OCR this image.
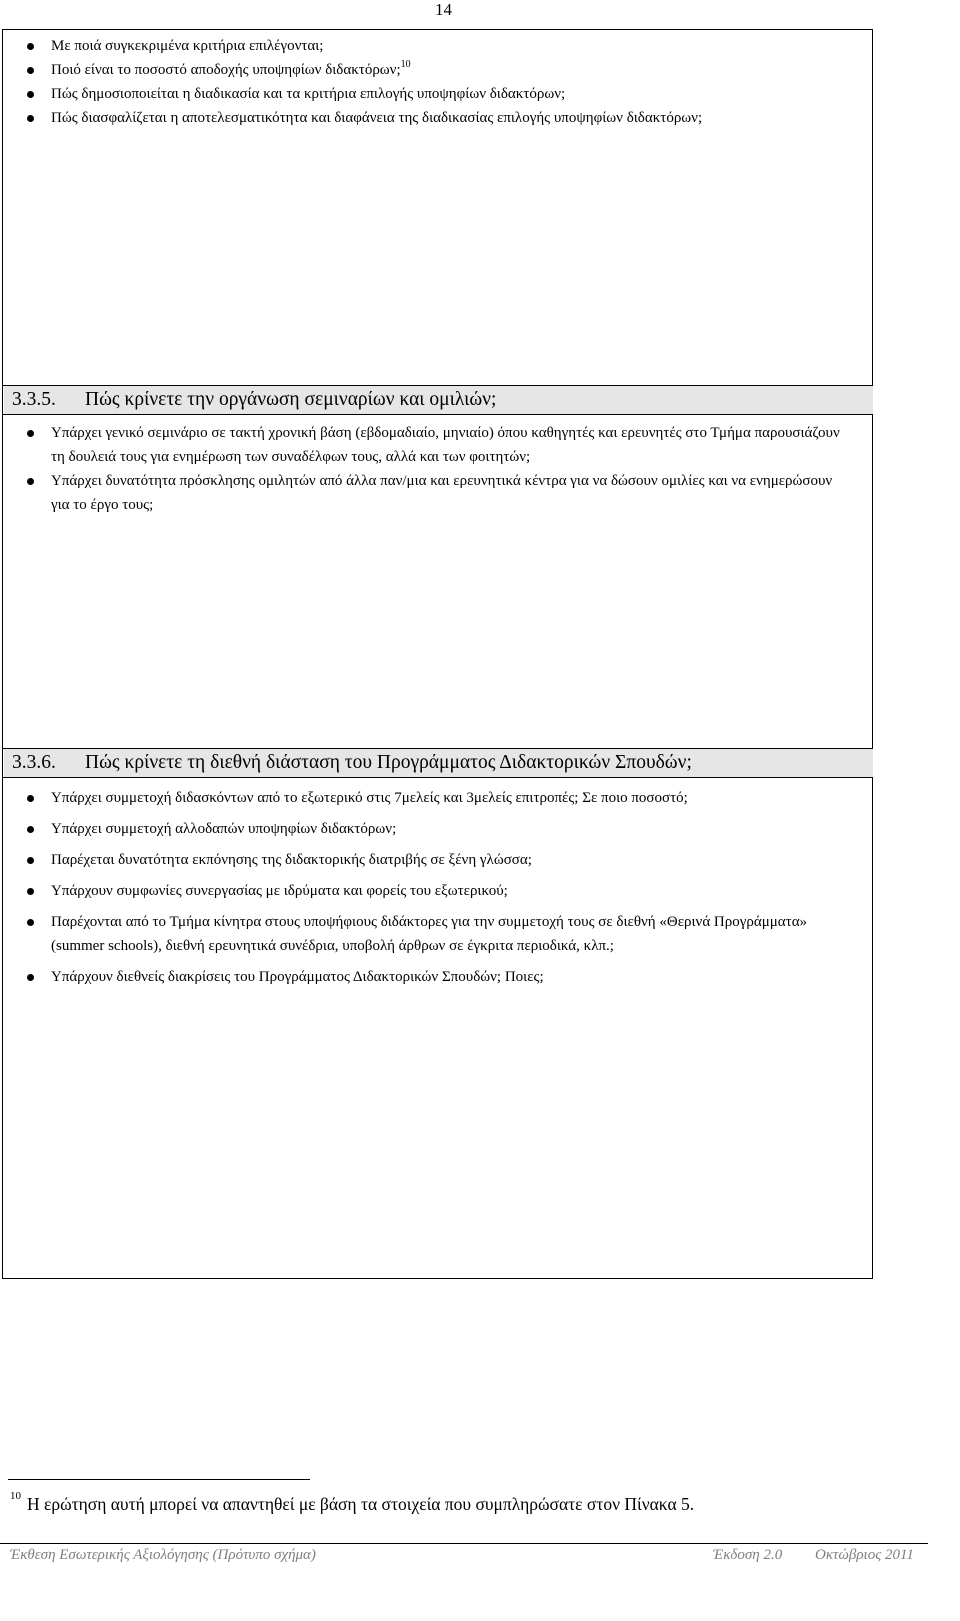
14
Με ποιά συγκεκριμένα κριτήρια επιλέγονται;
Ποιό είναι το ποσοστό αποδοχής υποψηφίων διδακτόρων;$^{10}$
Πώς δημοσιοποιείται η διαδικασία και τα κριτήρια επιλογής υποψηφίων διδακτόρων;
Πώς διασφαλίζεται η αποτελεσματικότητα και διαφάνεια της διαδικασίας επιλογής υποψηφίων διδακτόρων;
3.3.5. Πώς κρίνετε την οργάνωση σεμιναρίων και ομιλιών;
Υπάρχει γενικό σεμινάριο σε τακτή χρονική βάση (εβδομαδιαίο, μηνιαίο) όπου καθηγητές και ερευνητές στο Τμήμα παρουσιάζουν τη δουλειά τους για ενημέρωση των συναδέλφων τους, αλλά και των φοιτητών;
Υπάρχει δυνατότητα πρόσκλησης ομιλητών από άλλα παν/μια και ερευνητικά κέντρα για να δώσουν ομιλίες και να ενημερώσουν για το έργο τους;
3.3.6. Πώς κρίνετε τη διεθνή διάσταση του Προγράμματος Διδακτορικών Σπουδών;
Υπάρχει συμμετοχή διδασκόντων από το εξωτερικό στις 7μελείς και 3μελείς επιτροπές; Σε ποιο ποσοστό;
Υπάρχει συμμετοχή αλλοδαπών υποψηφίων διδακτόρων;
Παρέχεται δυνατότητα εκπόνησης της διδακτορικής διατριβής σε ξένη γλώσσα;
Υπάρχουν συμφωνίες συνεργασίας με ιδρύματα και φορείς του εξωτερικού;
Παρέχονται από το Τμήμα κίνητρα στους υποψήφιους διδάκτορες για την συμμετοχή τους σε διεθνή «Θερινά Προγράμματα» (summer schools), διεθνή ερευνητικά συνέδρια, υποβολή άρθρων σε έγκριτα περιοδικά, κλπ.;
Υπάρχουν διεθνείς διακρίσεις του Προγράμματος Διδακτορικών Σπουδών; Ποιες;
$^{10}$ Η ερώτηση αυτή μπορεί να απαντηθεί με βάση τα στοιχεία που συμπληρώσατε στον Πίνακα 5.
Έκθεση Εσωτερικής Αξιολόγησης (Πρότυπο σχήμα)	Έκδοση 2.0 Οκτώβριος 2011
